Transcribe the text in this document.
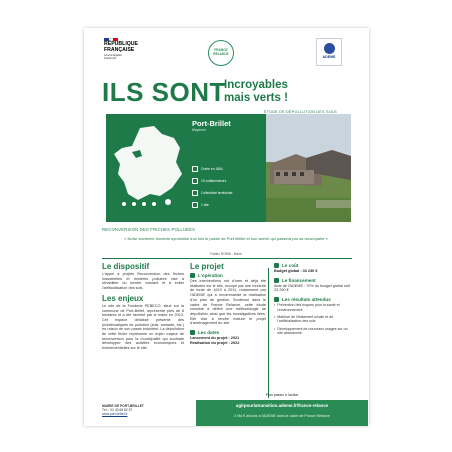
RÉPUBLIQUE FRANÇAISE
Liberté Égalité Fraternité
FRANCE RELANCE
ADEME
ILS SONT
Incroyables
mais verts !
ÉTUDE DE DÉPOLLUTION DES SOLS
Port-Brillet
Mayenne
Créée en 1884
15 collaborateurs
Collectivité territoriale
1 site
RECONVERSION DES FRICHES POLLUÉES
« Notre ancienne fonderie symbolise à la fois le passé de Port-Brillet et son avenir qui passera par sa reconquête »
Fabien ROBIN - Maire
Le dispositif
L'appel à projets Reconversion des friches industrielles et minières polluées vise à réhabiliter du foncier existant et à éviter l'artificialisation des sols.
Les enjeux
Le site de la Fonderie PEBECO, situé sur la commune de Port-Brillet, représente près de 8 hectares et a été racheté par le maire en 2013. Cet espace délaissé présente des problématiques de pollution (sols, amiante, etc.) en raison de son passé industriel. La dépollution de cette friche représente un enjeu majeur de reconversion pour la municipalité qui souhaite développer des activités économiques et événementielles sur le site.
Le projet
L'opération
Des interventions ont d'ores et déjà été réalisées sur le site, occupé par une fonderie de fonte de 1619 à 2011, notamment par l'ADEME qui a recommandé la réalisation d'un plan de gestion. Soutenue dans le cadre de France Relance, cette étude consiste à définir une méthodologie de dépollution ainsi que les investigations liées. Elle vise à rendre mature le projet d'aménagement du site.
Les dates
Lancement du projet : 2021
Réalisation du projet : 2022
Le coût
Budget global : 33 230 €
Le financement
Aide de l'ADEME : 70% du budget global soit 23 260 €
Les résultats attendus
• Prévention des risques pour la santé et l'environnement
• Maîtrise de l'étalement urbain et de l'artificialisation des sols
• Développement de nouveaux usages sur un site abandonné
MAIRIE DE PORT-BRILLET
Tél. : 02 43 68 82 57
www.port-brillet.fr
Pour passer à l'action
agirpourlatransition.ademe.fr/france-relance
2 Md € alloués à l'ADEME dans le cadre de France Relance
